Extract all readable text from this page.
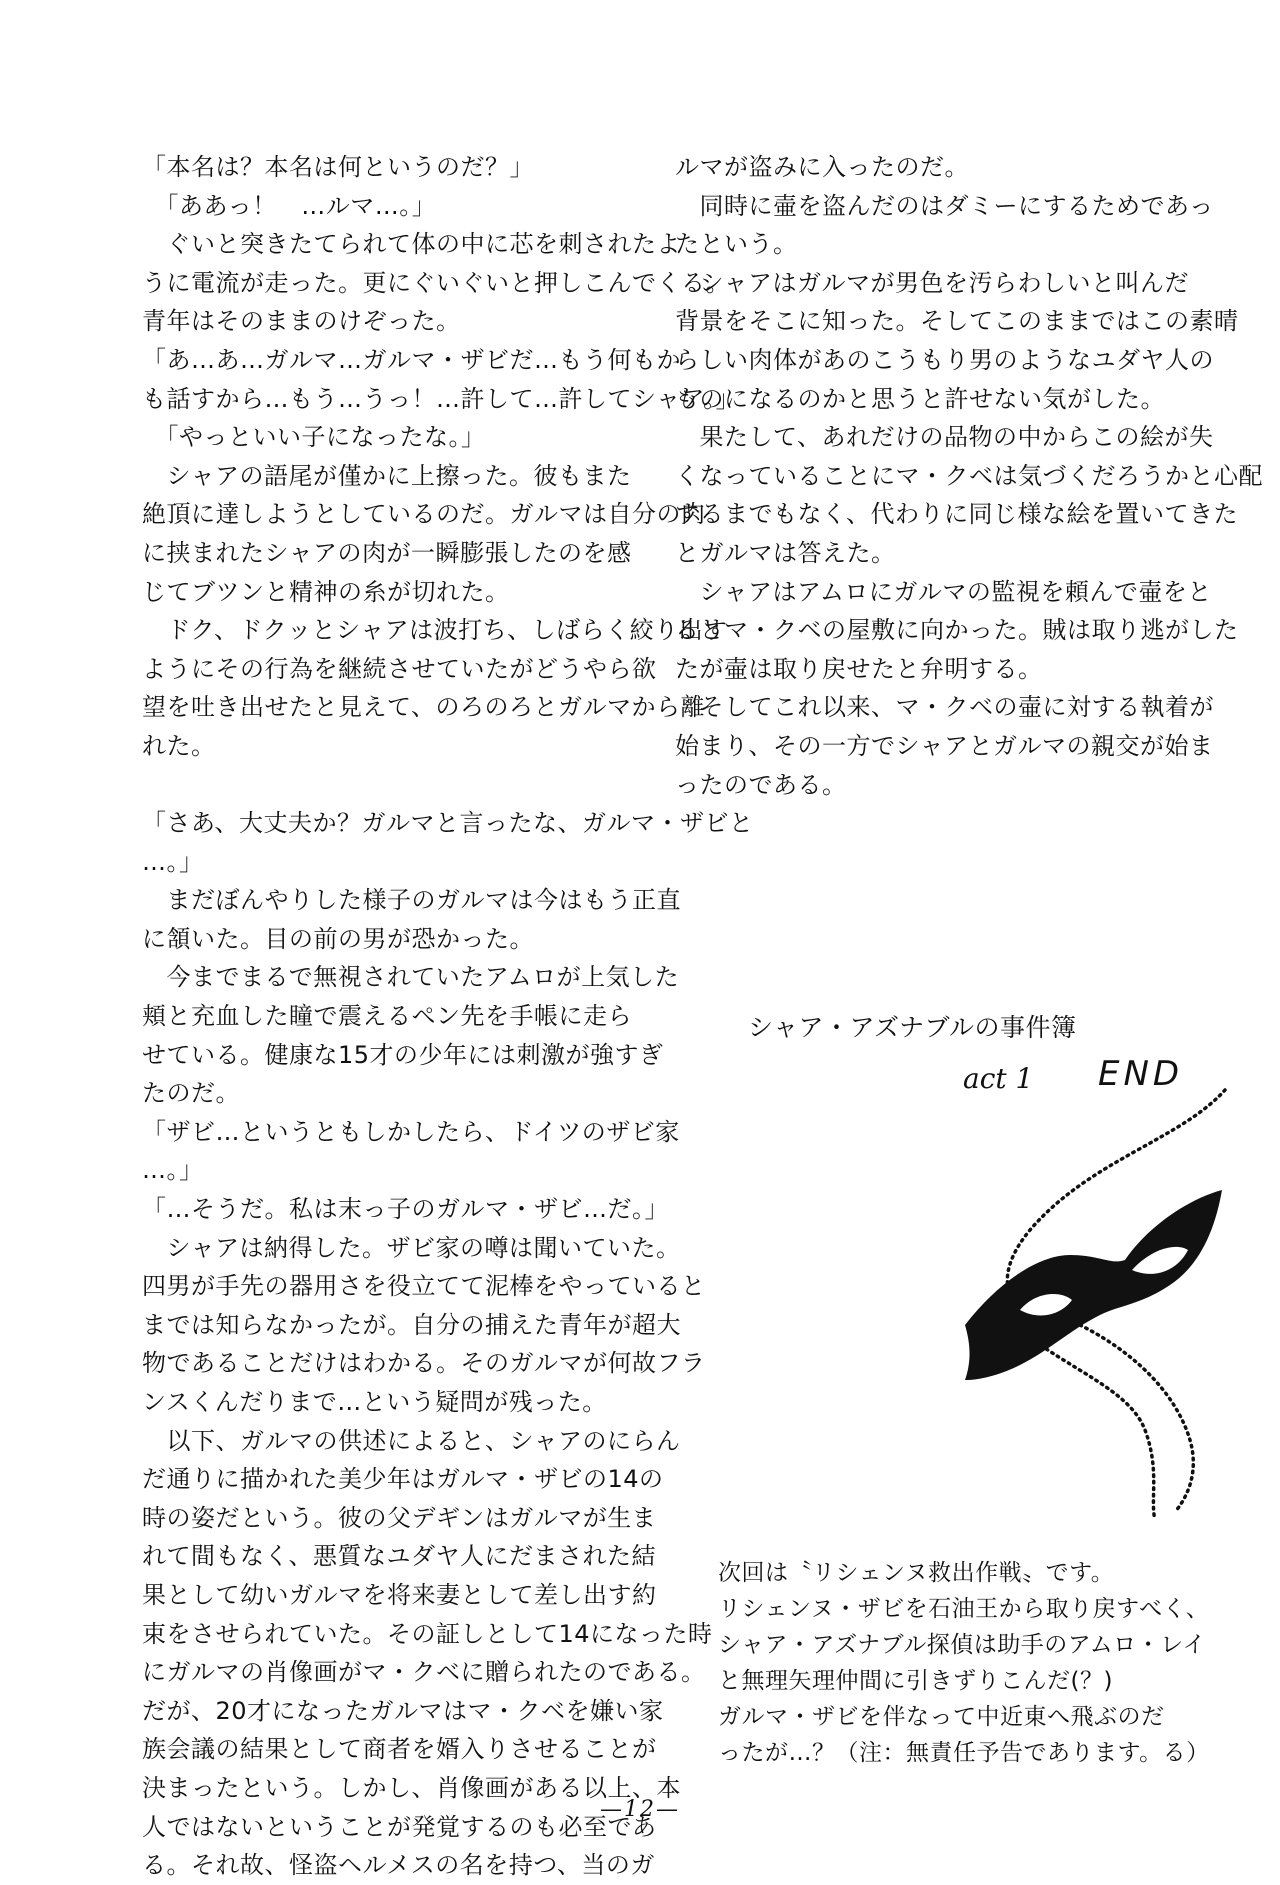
「本名は？本名は何というのだ？」
　「ああっ！　…ルマ…。」
　ぐいと突きたてられて体の中に芯を刺されたよ
うに電流が走った。更にぐいぐいと押しこんでくる。
青年はそのままのけぞった。
「あ…あ…ガルマ…ガルマ・ザビだ…もう何もか
も話すから…もう…うっ！…許して…許してシャア。」
　「やっといい子になったな。」
　シャアの語尾が僅かに上擦った。彼もまた
絶頂に達しようとしているのだ。ガルマは自分の肉
に挟まれたシャアの肉が一瞬膨張したのを感
じてブツンと精神の糸が切れた。
　ドク、ドクッとシャアは波打ち、しばらく絞り出す
ようにその行為を継続させていたがどうやら欲
望を吐き出せたと見えて、のろのろとガルマから離
れた。
「さあ、大丈夫か？ガルマと言ったな、ガルマ・ザビと
…。」
　まだぼんやりした様子のガルマは今はもう正直
に頷いた。目の前の男が恐かった。
　今までまるで無視されていたアムロが上気した
頬と充血した瞳で震えるペン先を手帳に走ら
せている。健康な15才の少年には刺激が強すぎ
たのだ。
「ザビ…というともしかしたら、ドイツのザビ家
…。」
「…そうだ。私は末っ子のガルマ・ザビ…だ。」
　シャアは納得した。ザビ家の噂は聞いていた。
四男が手先の器用さを役立てて泥棒をやっていると
までは知らなかったが。自分の捕えた青年が超大
物であることだけはわかる。そのガルマが何故フラ
ンスくんだりまで…という疑問が残った。
　以下、ガルマの供述によると、シャアのにらん
だ通りに描かれた美少年はガルマ・ザビの14の
時の姿だという。彼の父デギンはガルマが生ま
れて間もなく、悪質なユダヤ人にだまされた結
果として幼いガルマを将来妻として差し出す約
束をさせられていた。その証しとして14になった時
にガルマの肖像画がマ・クベに贈られたのである。
だが、20才になったガルマはマ・クベを嫌い家
族会議の結果として商者を婿入りさせることが
決まったという。しかし、肖像画がある以上、本
人ではないということが発覚するのも必至であ
る。それ故、怪盗ヘルメスの名を持つ、当のガ
ルマが盗みに入ったのだ。
　同時に壷を盗んだのはダミーにするためであっ
たという。
　シャアはガルマが男色を汚らわしいと叫んだ
背景をそこに知った。そしてこのままではこの素晴
らしい肉体があのこうもり男のようなユダヤ人の
ものになるのかと思うと許せない気がした。
　果たして、あれだけの品物の中からこの絵が失
くなっていることにマ・クベは気づくだろうかと心配
するまでもなく、代わりに同じ様な絵を置いてきた
とガルマは答えた。
　シャアはアムロにガルマの監視を頼んで壷をと
るとマ・クベの屋敷に向かった。賊は取り逃がした
たが壷は取り戻せたと弁明する。
　そしてこれ以来、マ・クベの壷に対する執着が
始まり、その一方でシャアとガルマの親交が始ま
ったのである。
シャア・アズナブルの事件簿
act 1 END
次回は〝リシェンヌ救出作戦〟です。
リシェンヌ・ザビを石油王から取り戻すべく、
シャア・アズナブル探偵は助手のアムロ・レイ
と無理矢理仲間に引きずりこんだ(？)
ガルマ・ザビを伴なって中近東へ飛ぶのだ
ったが…？（注：無責任予告であります。る）
—12—
